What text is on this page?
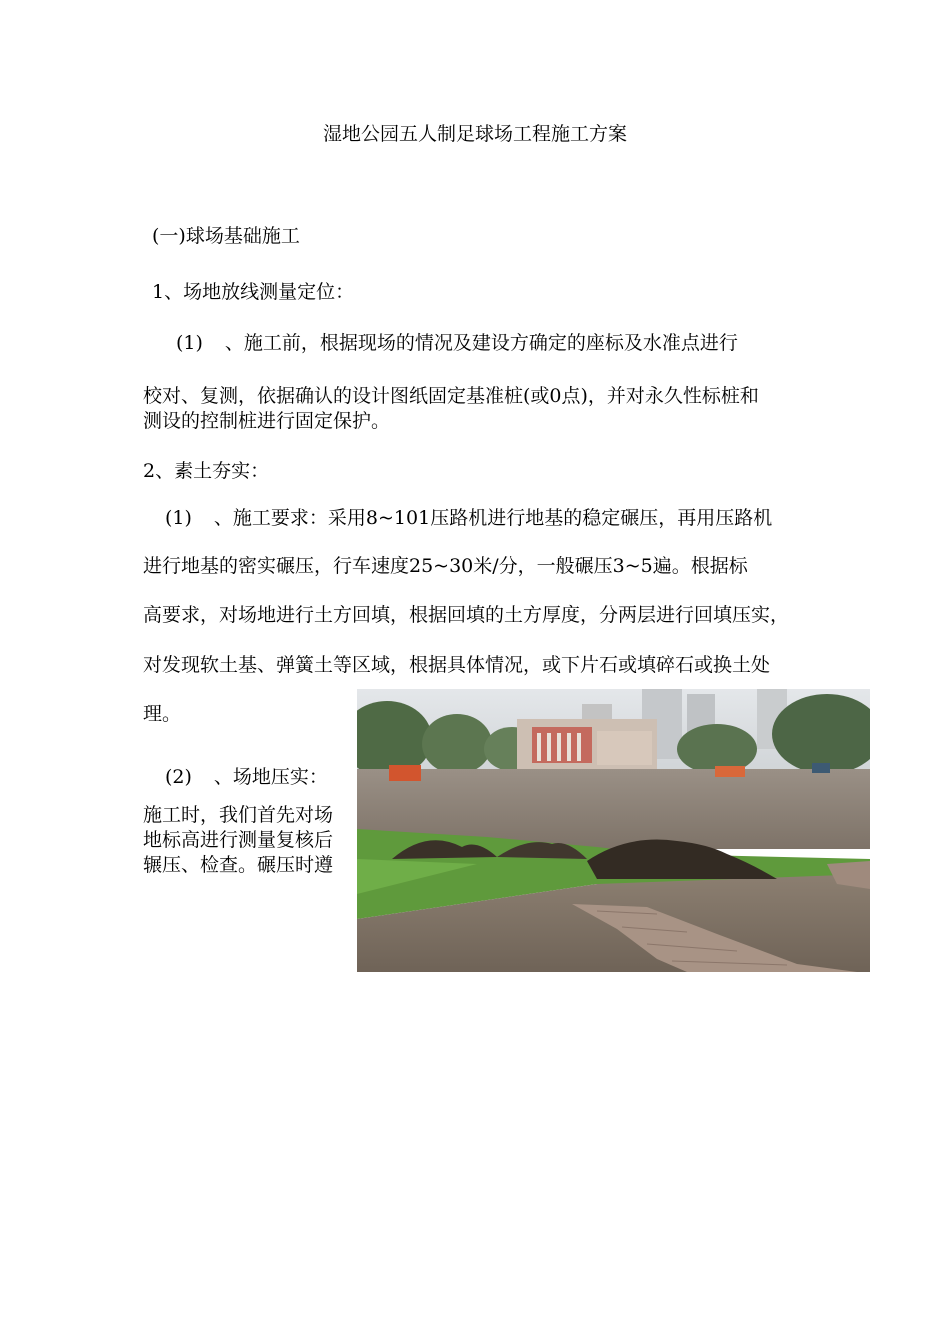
湿地公园五人制足球场工程施工方案
(一)球场基础施工
1、场地放线测量定位：
(1) 、施工前，根据现场的情况及建设方确定的座标及水准点进行
校对、复测，依据确认的设计图纸固定基准桩(或0点)，并对永久性标桩和
测设的控制桩进行固定保护。
2、素土夯实：
(1) 、施工要求：采用8~101压路机进行地基的稳定碾压，再用压路机
进行地基的密实碾压，行车速度25~30米/分，一般碾压3~5遍。根据标
高要求，对场地进行土方回填，根据回填的土方厚度，分两层进行回填压实，
对发现软土基、弹簧土等区域，根据具体情况，或下片石或填碎石或换土处
理。
(2) 、场地压实：
施工时，我们首先对场
地标高进行测量复核后
辗压、检查。碾压时遵
